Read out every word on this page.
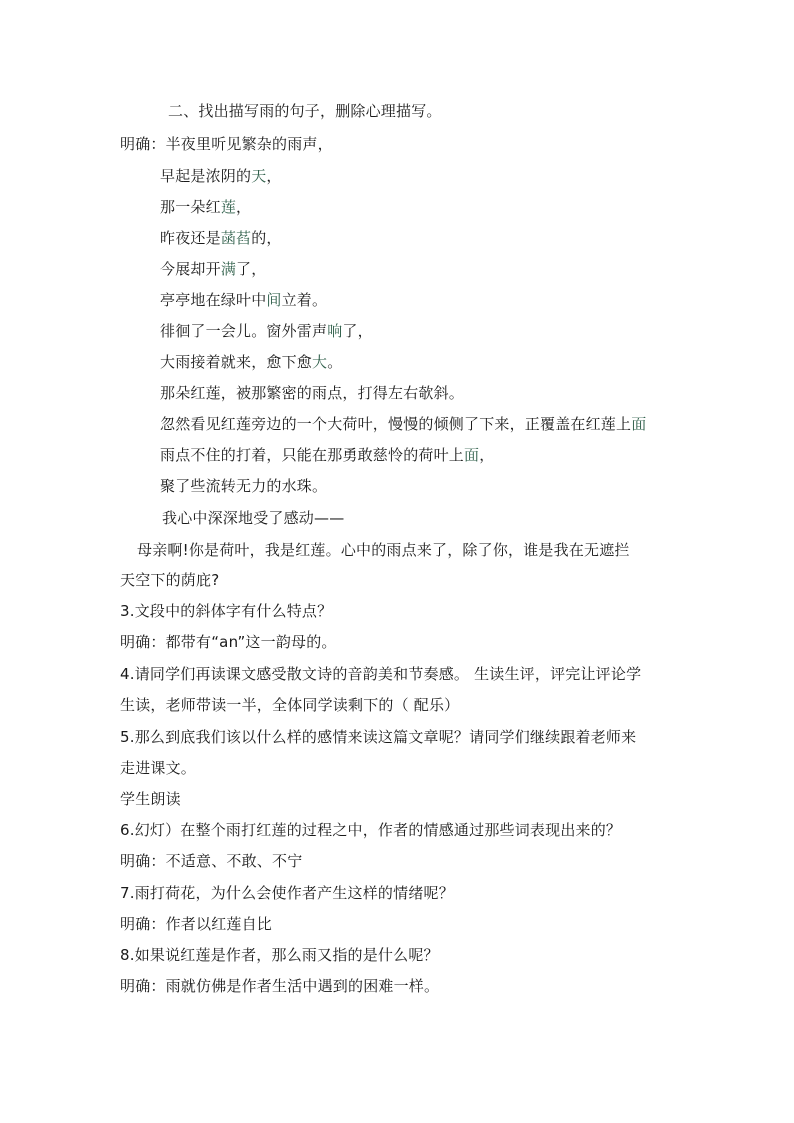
二、找出描写雨的句子，删除心理描写。
明确：半夜里听见繁杂的雨声，
早起是浓阴的天，
那一朵红莲，
昨夜还是菡萏的，
今展却开满了，
亭亭地在绿叶中间立着。
徘徊了一会儿。窗外雷声响了，
大雨接着就来，愈下愈大。
那朵红莲，被那繁密的雨点，打得左右欹斜。
忽然看见红莲旁边的一个大荷叶，慢慢的倾侧了下来，正覆盖在红莲上面
雨点不住的打着，只能在那勇敢慈怜的荷叶上面，
聚了些流转无力的水珠。
我心中深深地受了感动——
母亲啊!你是荷叶，我是红莲。心中的雨点来了，除了你，谁是我在无遮拦
天空下的荫庇?
3.文段中的斜体字有什么特点？
明确：都带有“an”这一韵母的。
4.请同学们再读课文感受散文诗的音韵美和节奏感。 生读生评，评完让评论学
生读，老师带读一半，全体同学读剩下的（ 配乐）
5.那么到底我们该以什么样的感情来读这篇文章呢？请同学们继续跟着老师来
走进课文。
学生朗读
6.幻灯）在整个雨打红莲的过程之中，作者的情感通过那些词表现出来的？
明确：不适意、不敢、不宁
7.雨打荷花，为什么会使作者产生这样的情绪呢？
明确：作者以红莲自比
8.如果说红莲是作者，那么雨又指的是什么呢？
明确：雨就仿佛是作者生活中遇到的困难一样。
